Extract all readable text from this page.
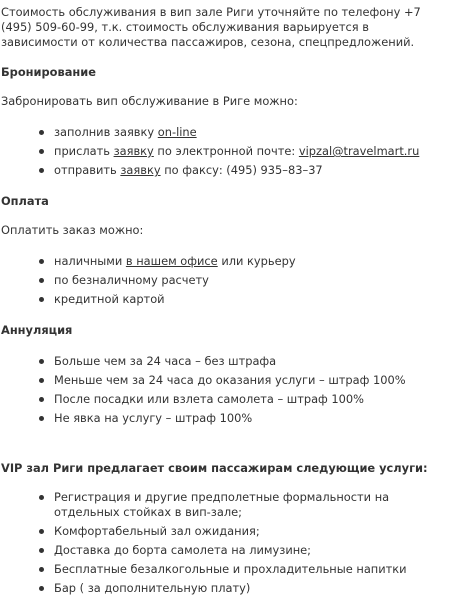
Стоимость обслуживания в вип зале Риги уточняйте по телефону +7 (495) 509-60-99, т.к. стоимость обслуживания варьируется в зависимости от количества пассажиров, сезона, спецпредложений.

Бронирование

Забронировать вип обслуживание в Риге можно:

заполнив заявку on-line
прислать заявку по электронной почте: vipzal@travelmart.ru
отправить заявку по факсу: (495) 935–83–37

Оплата

Оплатить заказ можно:

наличными в нашем офисе или курьеру
по безналичному расчету
кредитной картой

Аннуляция

Больше чем за 24 часа – без штрафа
Меньше чем за 24 часа до оказания услуги – штраф 100%
После посадки или взлета самолета – штраф 100%
Не явка на услугу – штраф 100%

VIP зал Риги предлагает своим пассажирам следующие услуги:

Регистрация и другие предполетные формальности на отдельных стойках в вип-зале;
Комфортабельный зал ожидания;
Доставка до борта самолета на лимузине;
Бесплатные безалкогольные и прохладительные напитки
Бар ( за дополнительную плату)
